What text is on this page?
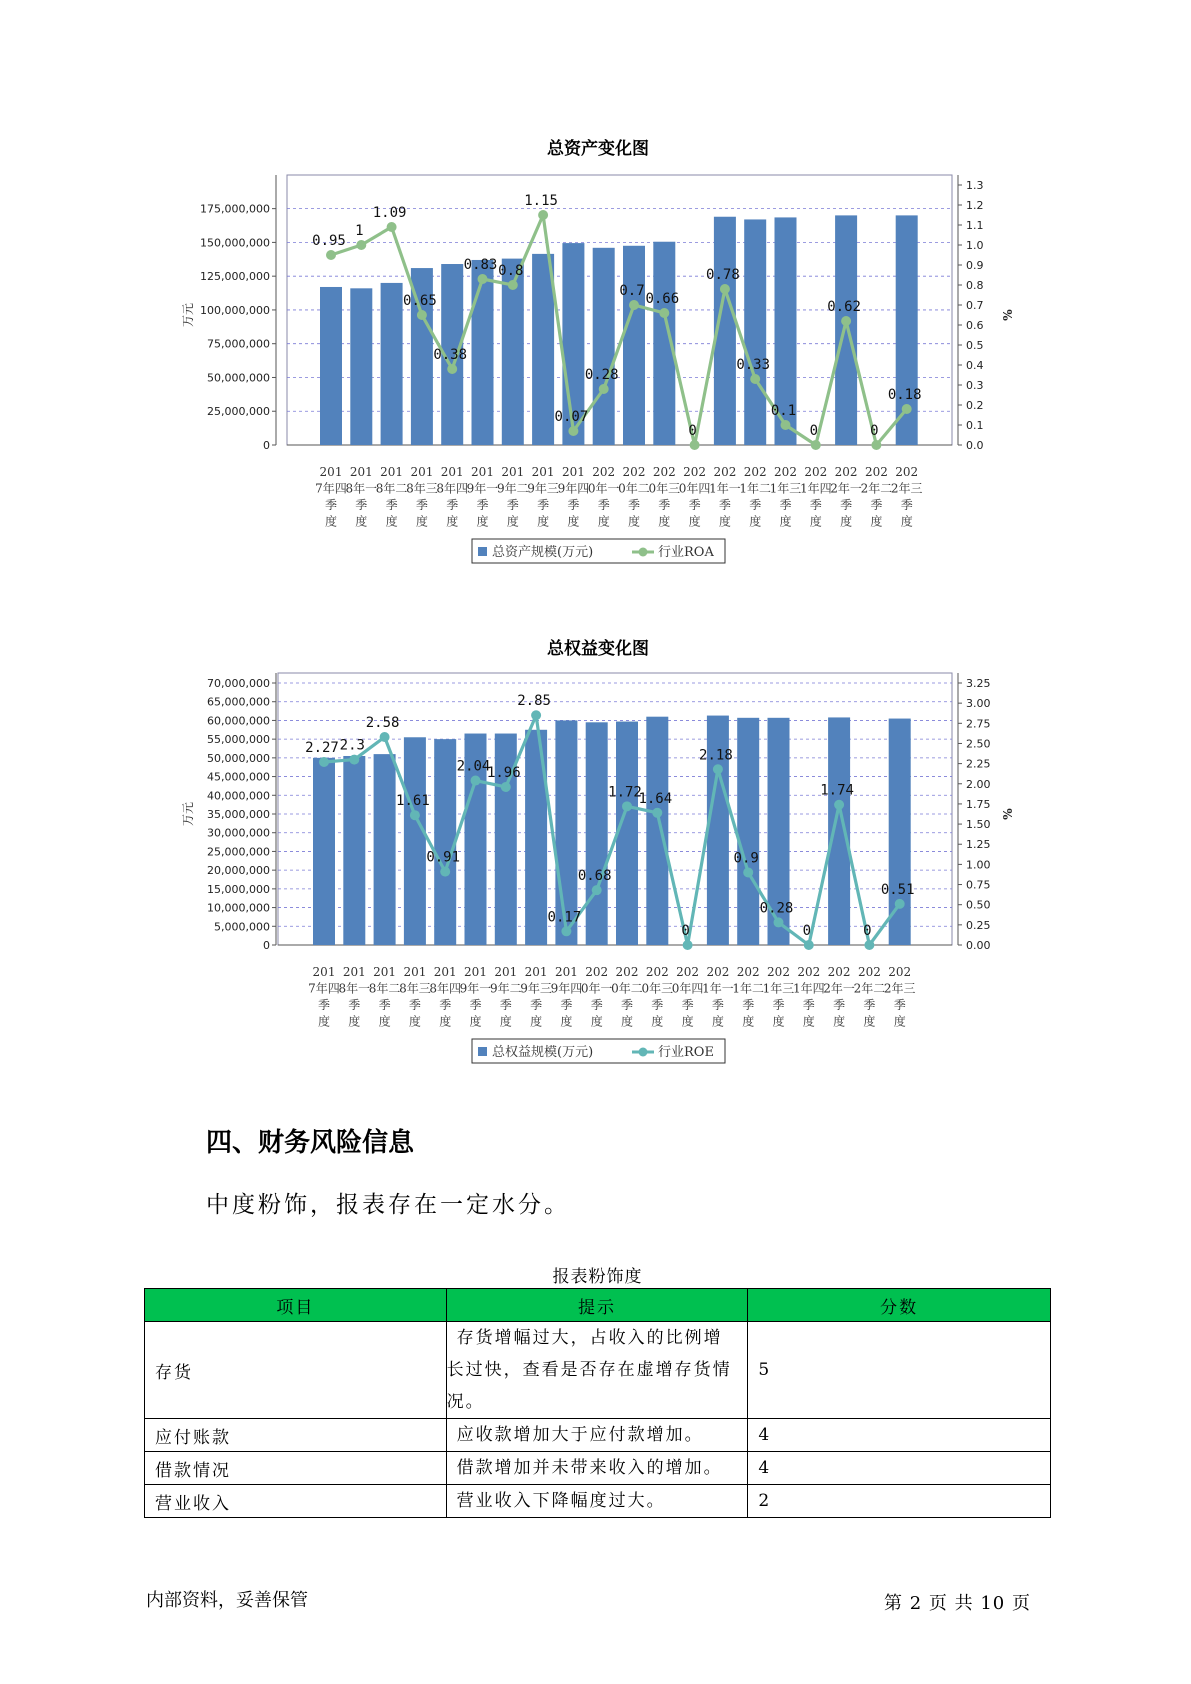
总资产变化图
0
25,000,000
50,000,000
75,000,000
100,000,000
125,000,000
150,000,000
175,000,000
0.0
0.1
0.2
0.3
0.4
0.5
0.6
0.7
0.8
0.9
1.0
1.1
1.2
1.3
万元	%
201 7年四季度
201 8年一季度
201 8年二季度
201 8年三季度
201 8年四季度
201 9年一季度
201 9年二季度
201 9年三季度
201 9年四季度
202 0年一季度
202 0年二季度
202 0年三季度
202 0年四季度
202 1年一季度
202 1年二季度
202 1年三季度
202 1年四季度
202 2年一季度
202 2年二季度
202 2年三季度
0.95
1
1.09
0.65
0.38
0.83 0.8
1.15
0.07
0.28
0.7 0.66
0
0.78
0.33
0.1
0
0.62
0
0.18
总资产规模(万元)	行业ROA
总权益变化图
0
5,000,000
10,000,000
15,000,000
20,000,000
25,000,000
30,000,000
35,000,000
40,000,000
45,000,000
50,000,000
55,000,000
60,000,000
65,000,000
70,000,000
0.00
0.25
0.50
0.75
1.00
1.25
1.50
1.75
2.00
2.25
2.50
2.75
3.00
3.25
万元	%
201 7年四季度
201 8年一季度
201 8年二季度
201 8年三季度
201 8年四季度
201 9年一季度
201 9年二季度
201 9年三季度
201 9年四季度
202 0年一季度
202 0年二季度
202 0年三季度
202 0年四季度
202 1年一季度
202 1年二季度
202 1年三季度
202 1年四季度
202 2年一季度
202 2年二季度
202 2年三季度
2.27 2.3
2.58
1.61
0.91
2.04
1.96
2.85
0.17
0.68
1.72
1.64
0
2.18
0.9
0.28
0
1.74
0
0.51
总权益规模(万元)	行业ROE
四、财务风险信息

中度粉饰，报表存在一定水分。

报表粉饰度
项目	提示	分数
存货	存货增幅过大，占收入的比例增
长过快，查看是否存在虚增存货情
况。	5
应付账款	应收款增加大于应付款增加。	4
借款情况	借款增加并未带来收入的增加。	4
营业收入	营业收入下降幅度过大。	2
内部资料，妥善保管	第 2 页 共 10 页
